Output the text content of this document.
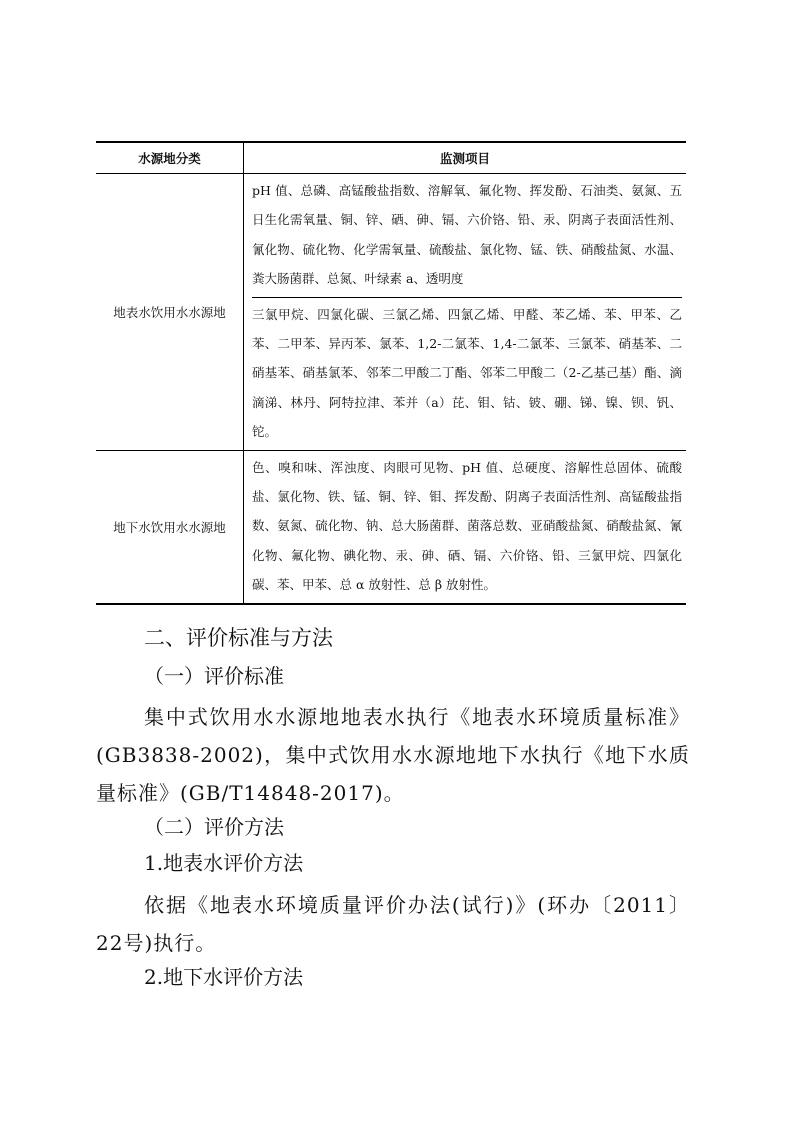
水源地分类	监测项目
地表水饮用水水源地	pH 值、总磷、高锰酸盐指数、溶解氧、氟化物、挥发酚、石油类、氨氮、五日生化需氧量、铜、锌、硒、砷、镉、六价铬、铅、汞、阴离子表面活性剂、氰化物、硫化物、化学需氧量、硫酸盐、氯化物、锰、铁、硝酸盐氮、水温、粪大肠菌群、总氮、叶绿素 a、透明度
三氯甲烷、四氯化碳、三氯乙烯、四氯乙烯、甲醛、苯乙烯、苯、甲苯、乙苯、二甲苯、异丙苯、氯苯、1,2-二氯苯、1,4-二氯苯、三氯苯、硝基苯、二硝基苯、硝基氯苯、邻苯二甲酸二丁酯、邻苯二甲酸二（2-乙基己基）酯、滴滴涕、林丹、阿特拉津、苯并（a）芘、钼、钴、铍、硼、锑、镍、钡、钒、铊。

地下水饮用水水源地	色、嗅和味、浑浊度、肉眼可见物、pH 值、总硬度、溶解性总固体、硫酸盐、氯化物、铁、锰、铜、锌、钼、挥发酚、阴离子表面活性剂、高锰酸盐指数、氨氮、硫化物、钠、总大肠菌群、菌落总数、亚硝酸盐氮、硝酸盐氮、氰化物、氟化物、碘化物、汞、砷、硒、镉、六价铬、铅、三氯甲烷、四氯化碳、苯、甲苯、总 α 放射性、总 β 放射性。
二、评价标准与方法
（一）评价标准
集中式饮用水水源地地表水执行《地表水环境质量标准》(GB3838-2002)，集中式饮用水水源地地下水执行《地下水质量标准》(GB/T14848-2017)。
（二）评价方法
1.地表水评价方法
依据《地表水环境质量评价办法(试行)》(环办〔2011〕22号)执行。
2.地下水评价方法
